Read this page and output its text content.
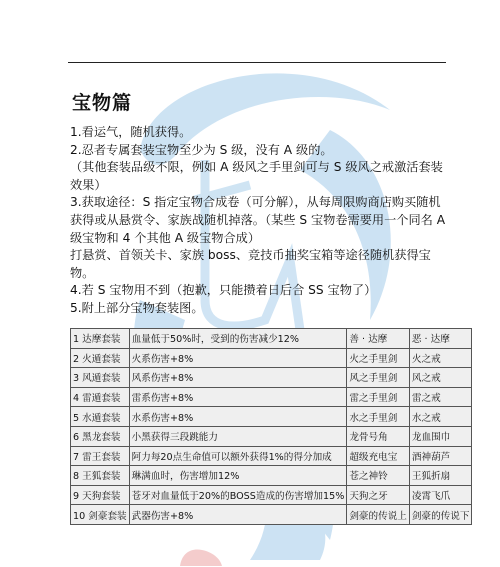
宝物篇

1.看运气，随机获得。

2.忍者专属套装宝物至少为 S 级，没有 A 级的。

（其他套装品级不限，例如 A 级风之手里剑可与 S 级风之戒激活套装效果）

3.获取途径：S 指定宝物合成卷（可分解），从每周限购商店购买随机获得或从悬赏令、家族战随机掉落。（某些 S 宝物卷需要用一个同名 A 级宝物和 4 个其他 A 级宝物合成）

打悬赏、首领关卡、家族 boss、竞技币抽奖宝箱等途径随机获得宝物。

4.若 S 宝物用不到（抱歉，只能攒着日后合 SS 宝物了）

5.附上部分宝物套装图。

1 达摩套装	血量低于50%时，受到的伤害减少12%	善 · 达摩	恶 · 达摩
2 火遁套装	火系伤害+8%	火之手里剑	火之戒
3 风遁套装	风系伤害+8%	风之手里剑	风之戒
4 雷遁套装	雷系伤害+8%	雷之手里剑	雷之戒
5 水遁套装	水系伤害+8%	水之手里剑	水之戒
6 黑龙套装	小黑获得三段跳能力	龙骨号角	龙血围巾
7 雷王套装	阿力每20点生命值可以额外获得1%的得分加成	超级充电宝	酒神葫芦
8 王狐套装	琳满血时，伤害增加12%	苍之神铃	王狐折扇
9 天狗套装	苍牙对血量低于20%的BOSS造成的伤害增加15%	天狗之牙	凌霄飞爪
10 剑豪套装	武器伤害+8%	剑豪的传说上	剑豪的传说下
